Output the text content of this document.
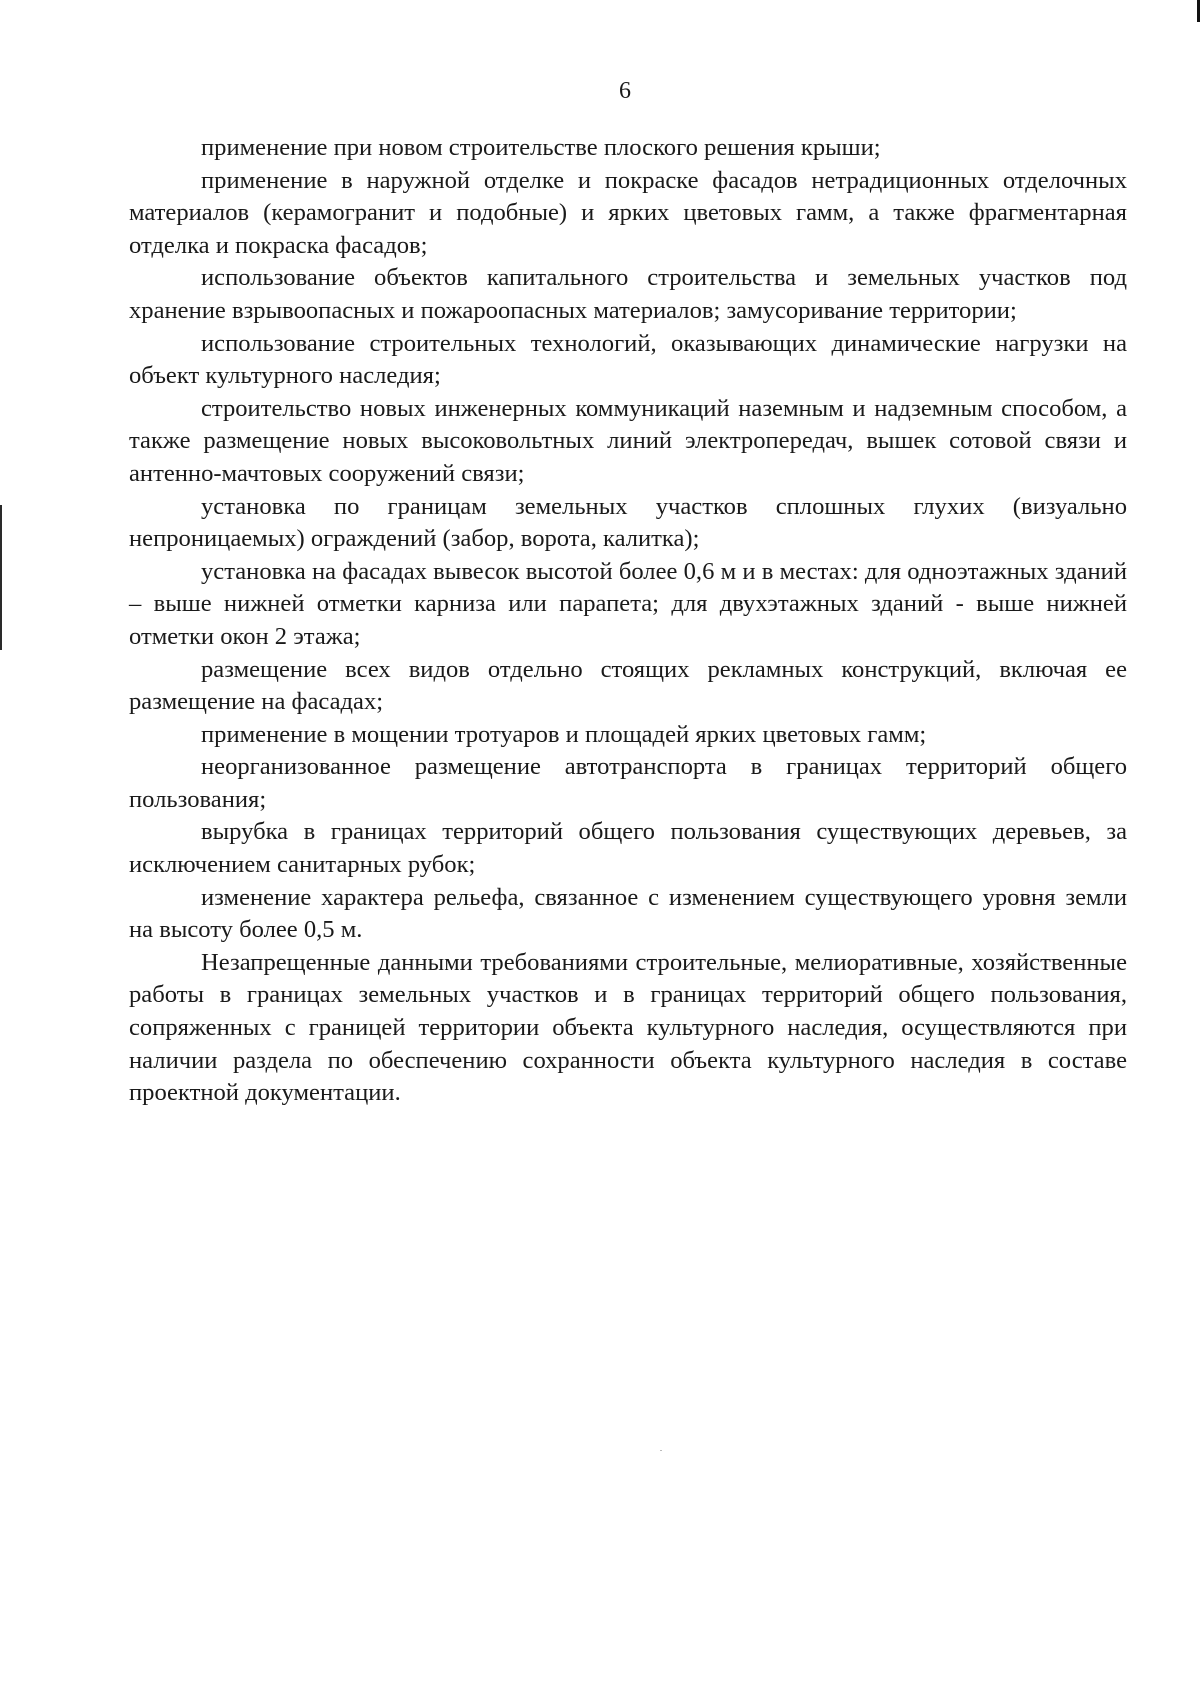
6

применение при новом строительстве плоского решения крыши;

применение в наружной отделке и покраске фасадов нетрадиционных отделочных материалов (керамогранит и подобные) и ярких цветовых гамм, а также фрагментарная отделка и покраска фасадов;

использование объектов капитального строительства и земельных участков под хранение взрывоопасных и пожароопасных материалов; замусоривание территории;

использование строительных технологий, оказывающих динамические нагрузки на объект культурного наследия;

строительство новых инженерных коммуникаций наземным и надземным способом, а также размещение новых высоковольтных линий электропередач, вышек сотовой связи и антенно-мачтовых сооружений связи;

установка по границам земельных участков сплошных глухих (визуально непроницаемых) ограждений (забор, ворота, калитка);

установка на фасадах вывесок высотой более 0,6 м и в местах: для одноэтажных зданий – выше нижней отметки карниза или парапета; для двухэтажных зданий - выше нижней отметки окон 2 этажа;

размещение всех видов отдельно стоящих рекламных конструкций, включая ее размещение на фасадах;

применение в мощении тротуаров и площадей ярких цветовых гамм;

неорганизованное размещение автотранспорта в границах территорий общего пользования;

вырубка в границах территорий общего пользования существующих деревьев, за исключением санитарных рубок;

изменение характера рельефа, связанное с изменением существующего уровня земли на высоту более 0,5 м.

Незапрещенные данными требованиями строительные, мелиоративные, хозяйственные работы в границах земельных участков и в границах территорий общего пользования, сопряженных с границей территории объекта культурного наследия, осуществляются при наличии раздела по обеспечению сохранности объекта культурного наследия в составе проектной документации.
